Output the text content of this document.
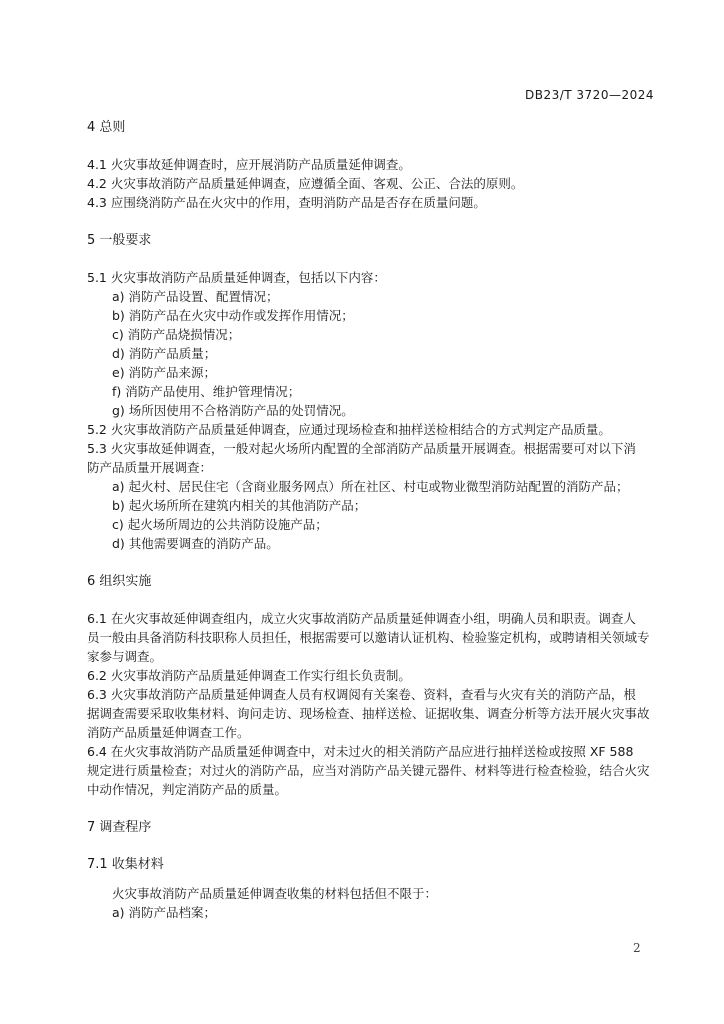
DB23/T 3720—2024
4 总则
4.1 火灾事故延伸调查时，应开展消防产品质量延伸调查。
4.2 火灾事故消防产品质量延伸调查，应遵循全面、客观、公正、合法的原则。
4.3 应围绕消防产品在火灾中的作用，查明消防产品是否存在质量问题。
5 一般要求
5.1 火灾事故消防产品质量延伸调查，包括以下内容：
a) 消防产品设置、配置情况；
b) 消防产品在火灾中动作或发挥作用情况；
c) 消防产品烧损情况；
d) 消防产品质量；
e) 消防产品来源；
f) 消防产品使用、维护管理情况；
g) 场所因使用不合格消防产品的处罚情况。
5.2 火灾事故消防产品质量延伸调查，应通过现场检查和抽样送检相结合的方式判定产品质量。
5.3 火灾事故延伸调查，一般对起火场所内配置的全部消防产品质量开展调查。根据需要可对以下消
防产品质量开展调查：
a) 起火村、居民住宅（含商业服务网点）所在社区、村屯或物业微型消防站配置的消防产品；
b) 起火场所所在建筑内相关的其他消防产品；
c) 起火场所周边的公共消防设施产品；
d) 其他需要调查的消防产品。
6 组织实施
6.1 在火灾事故延伸调查组内，成立火灾事故消防产品质量延伸调查小组，明确人员和职责。调查人
员一般由具备消防科技职称人员担任，根据需要可以邀请认证机构、检验鉴定机构，或聘请相关领域专
家参与调查。
6.2 火灾事故消防产品质量延伸调查工作实行组长负责制。
6.3 火灾事故消防产品质量延伸调查人员有权调阅有关案卷、资料，查看与火灾有关的消防产品，根
据调查需要采取收集材料、询问走访、现场检查、抽样送检、证据收集、调查分析等方法开展火灾事故
消防产品质量延伸调查工作。
6.4 在火灾事故消防产品质量延伸调查中，对未过火的相关消防产品应进行抽样送检或按照 XF 588
规定进行质量检查；对过火的消防产品，应当对消防产品关键元器件、材料等进行检查检验，结合火灾
中动作情况，判定消防产品的质量。
7 调查程序
7.1 收集材料
火灾事故消防产品质量延伸调查收集的材料包括但不限于：
a) 消防产品档案；
2
